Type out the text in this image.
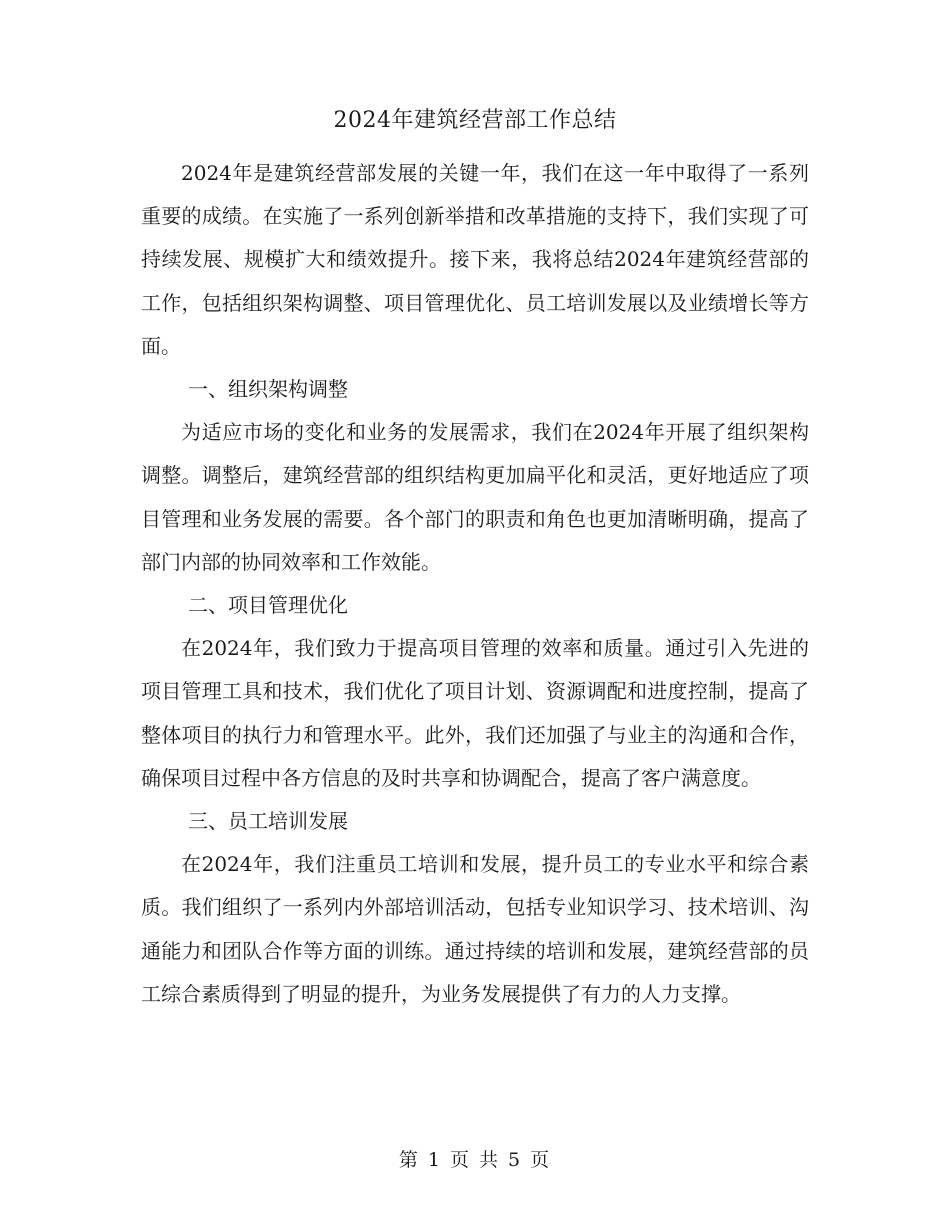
2024年建筑经营部工作总结

2024年是建筑经营部发展的关键一年，我们在这一年中取得了一系列重要的成绩。在实施了一系列创新举措和改革措施的支持下，我们实现了可持续发展、规模扩大和绩效提升。接下来，我将总结2024年建筑经营部的工作，包括组织架构调整、项目管理优化、员工培训发展以及业绩增长等方面。

一、组织架构调整

为适应市场的变化和业务的发展需求，我们在2024年开展了组织架构调整。调整后，建筑经营部的组织结构更加扁平化和灵活，更好地适应了项目管理和业务发展的需要。各个部门的职责和角色也更加清晰明确，提高了部门内部的协同效率和工作效能。

二、项目管理优化

在2024年，我们致力于提高项目管理的效率和质量。通过引入先进的项目管理工具和技术，我们优化了项目计划、资源调配和进度控制，提高了整体项目的执行力和管理水平。此外，我们还加强了与业主的沟通和合作，确保项目过程中各方信息的及时共享和协调配合，提高了客户满意度。

三、员工培训发展

在2024年，我们注重员工培训和发展，提升员工的专业水平和综合素质。我们组织了一系列内外部培训活动，包括专业知识学习、技术培训、沟通能力和团队合作等方面的训练。通过持续的培训和发展，建筑经营部的员工综合素质得到了明显的提升，为业务发展提供了有力的人力支撑。

第 1 页 共 5 页
